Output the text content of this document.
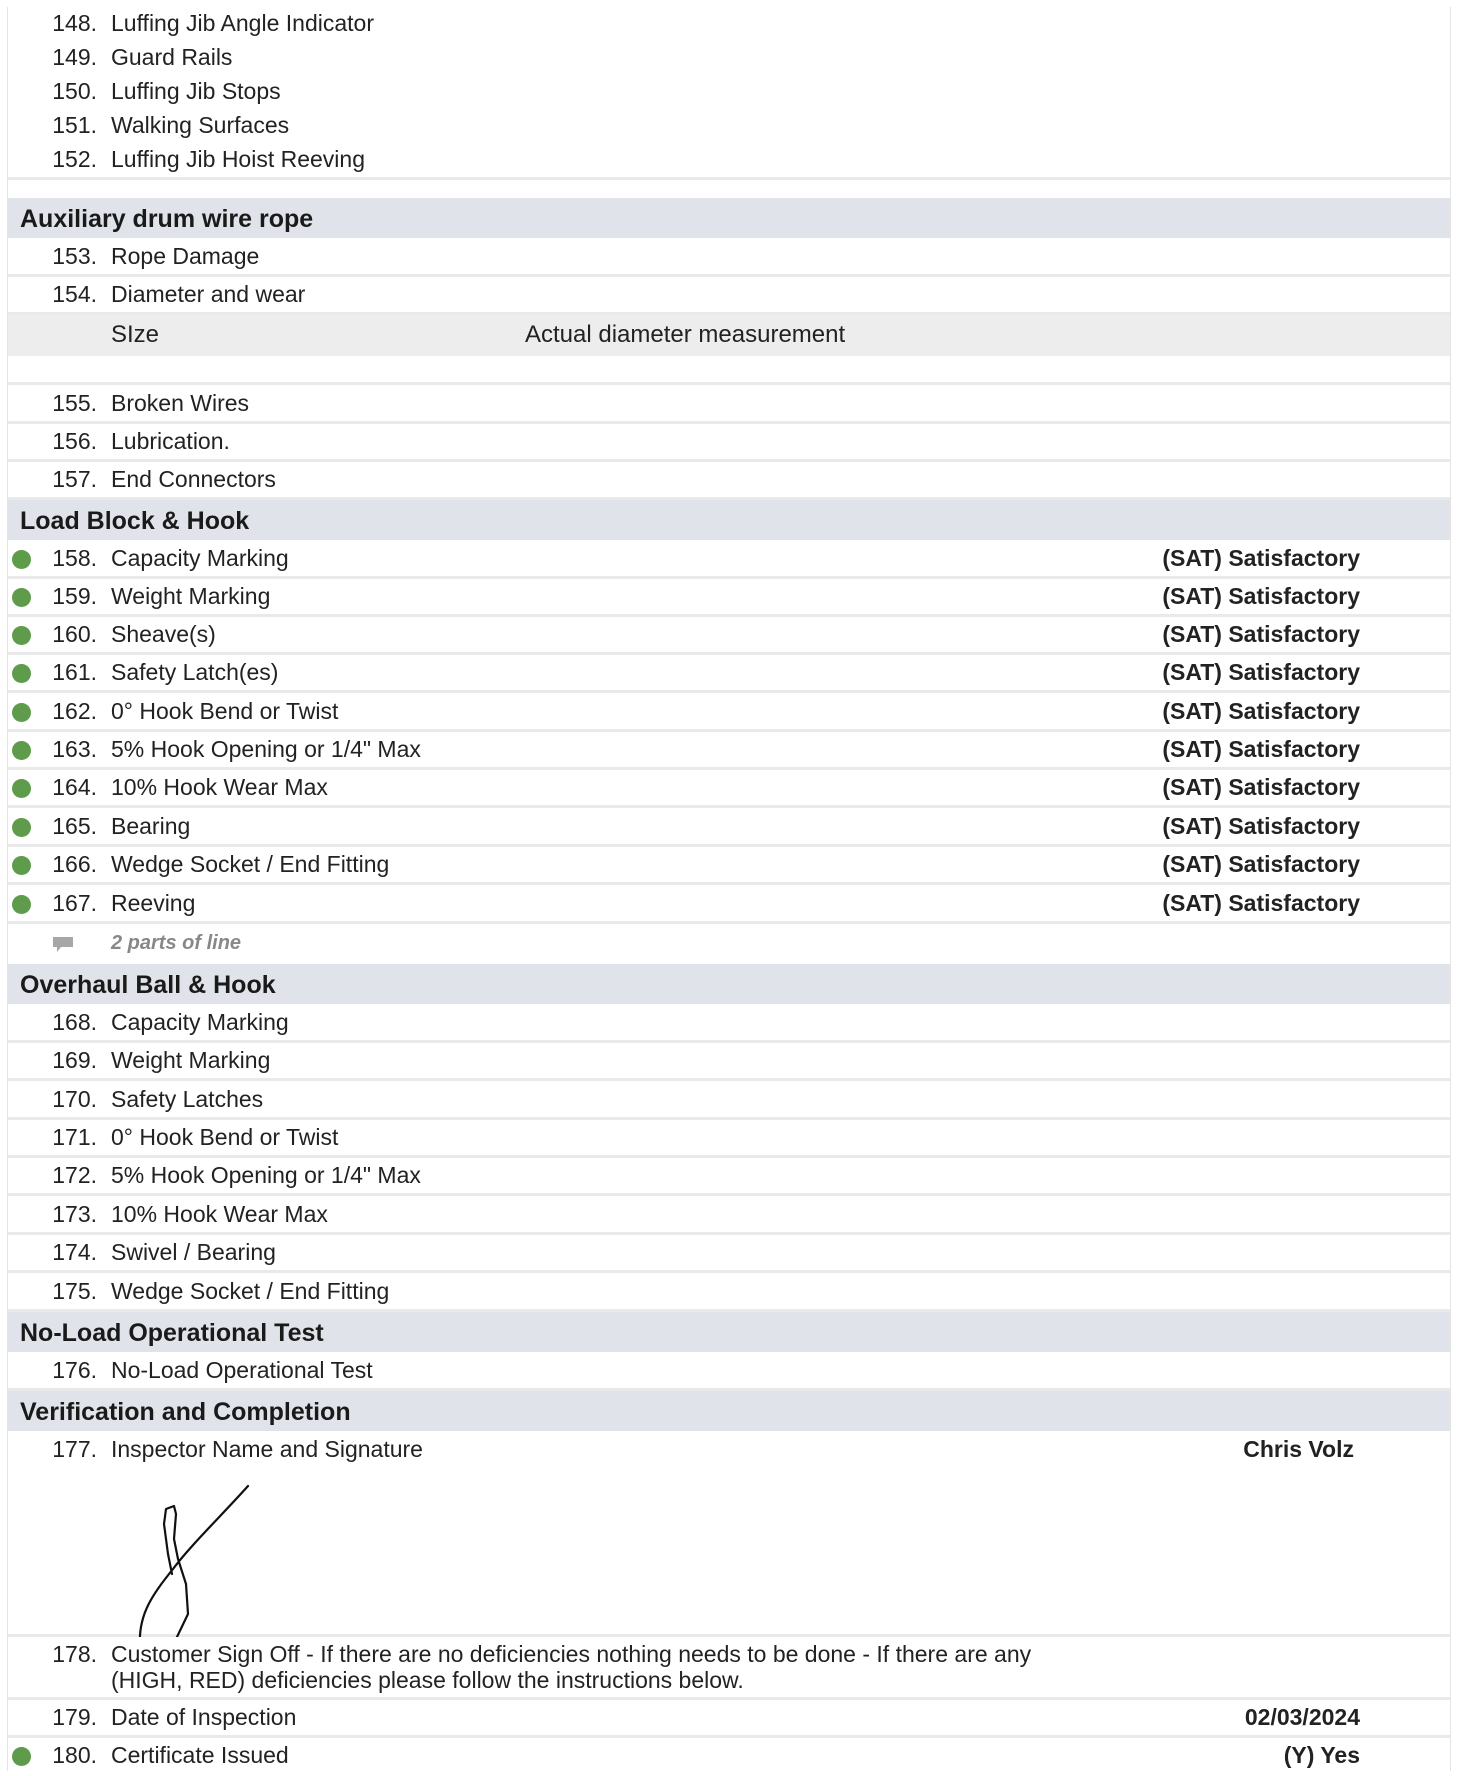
148. Luffing Jib Angle Indicator
149. Guard Rails
150. Luffing Jib Stops
151. Walking Surfaces
152. Luffing Jib Hoist Reeving
Auxiliary drum wire rope
153. Rope Damage
154. Diameter and wear
SIze	Actual diameter measurement
155. Broken Wires
156. Lubrication.
157. End Connectors
Load Block & Hook
158. Capacity Marking	(SAT) Satisfactory
159. Weight Marking	(SAT) Satisfactory
160. Sheave(s)	(SAT) Satisfactory
161. Safety Latch(es)	(SAT) Satisfactory
162. 0° Hook Bend or Twist	(SAT) Satisfactory
163. 5% Hook Opening or 1/4" Max	(SAT) Satisfactory
164. 10% Hook Wear Max	(SAT) Satisfactory
165. Bearing	(SAT) Satisfactory
166. Wedge Socket / End Fitting	(SAT) Satisfactory
167. Reeving	(SAT) Satisfactory
2 parts of line
Overhaul Ball & Hook
168. Capacity Marking
169. Weight Marking
170. Safety Latches
171. 0° Hook Bend or Twist
172. 5% Hook Opening or 1/4" Max
173. 10% Hook Wear Max
174. Swivel / Bearing
175. Wedge Socket / End Fitting
No-Load Operational Test
176. No-Load Operational Test
Verification and Completion
177. Inspector Name and Signature	Chris Volz
178. Customer Sign Off - If there are no deficiencies nothing needs to be done - If there are any (HIGH, RED) deficiencies please follow the instructions below.
179. Date of Inspection	02/03/2024
180. Certificate Issued	(Y) Yes
